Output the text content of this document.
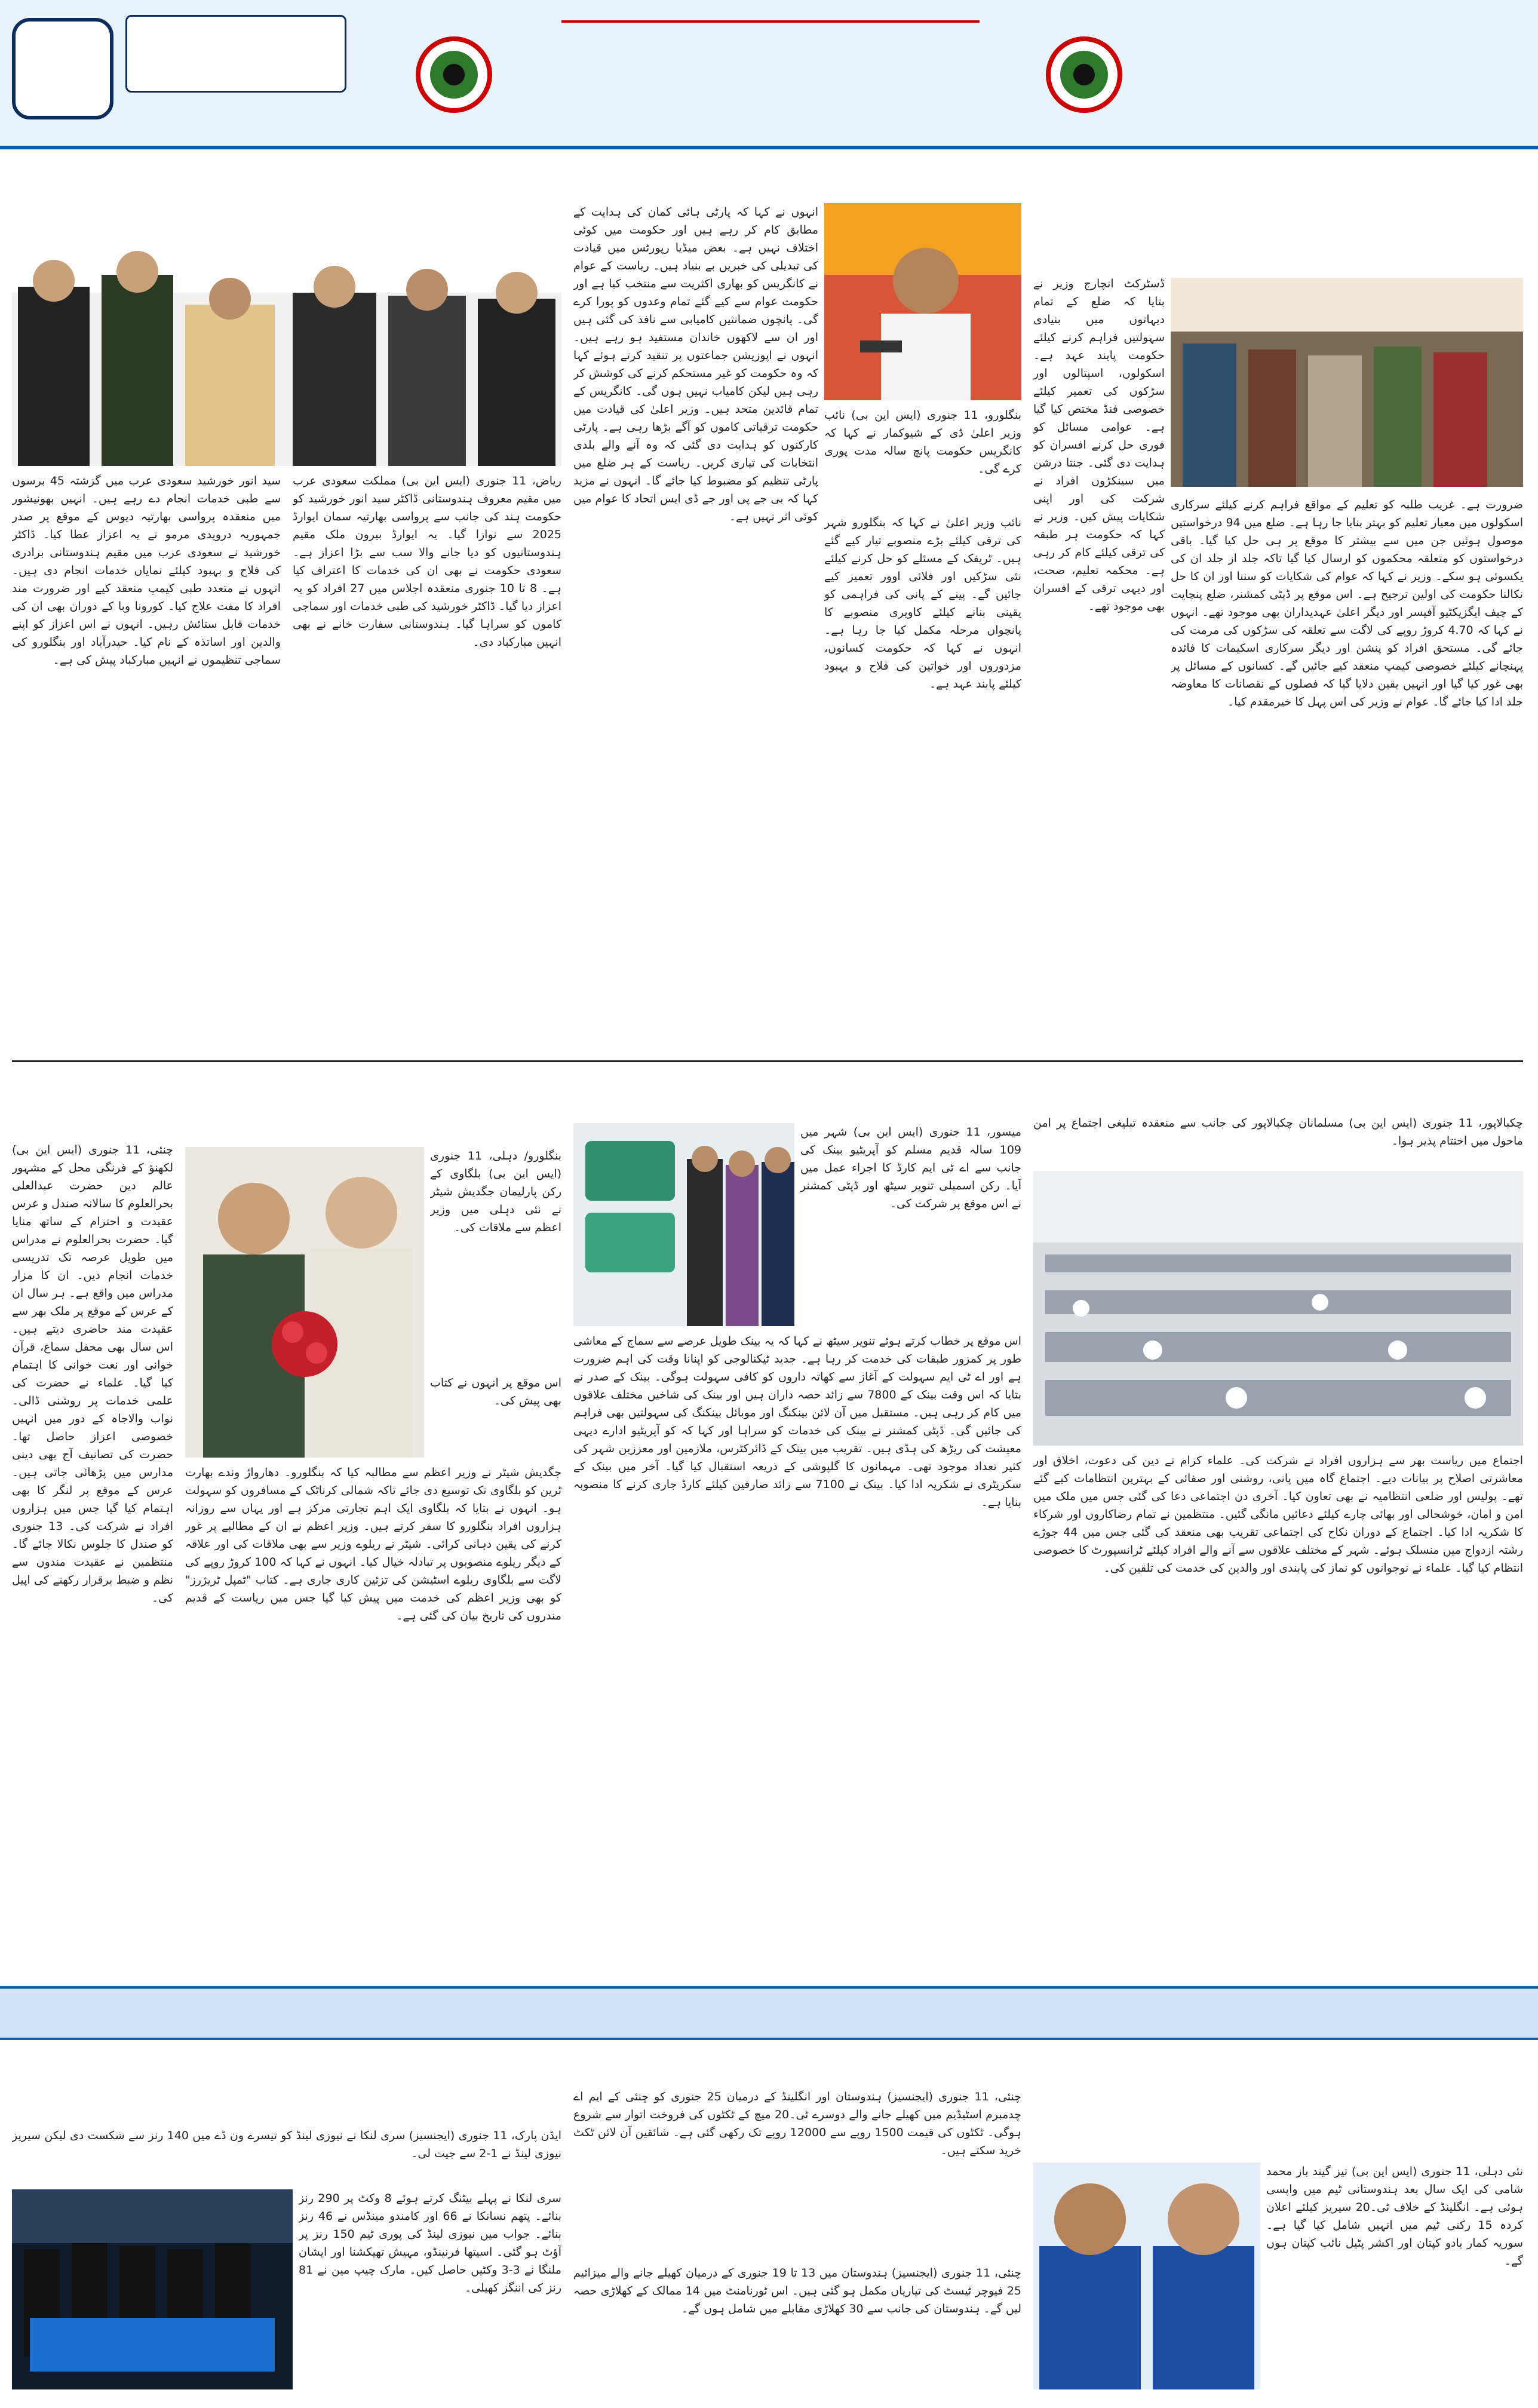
ڈسٹرکٹ انچارج وزیر نے بتایا کہ ضلع کے تمام دیہاتوں میں بنیادی سہولتیں فراہم کرنے کیلئے حکومت پابند عہد ہے۔ اسکولوں، اسپتالوں اور سڑکوں کی تعمیر کیلئے خصوصی فنڈ مختص کیا گیا ہے۔ عوامی مسائل کو فوری حل کرنے افسران کو ہدایت دی گئی۔ جنتا درشن میں سینکڑوں افراد نے شرکت کی اور اپنی شکایات پیش کیں۔ وزیر نے کہا کہ حکومت ہر طبقہ کی ترقی کیلئے کام کر رہی ہے۔ محکمہ تعلیم، صحت، اور دیہی ترقی کے افسران بھی موجود تھے۔
ضرورت ہے۔ غریب طلبہ کو تعلیم کے مواقع فراہم کرنے کیلئے سرکاری اسکولوں میں معیار تعلیم کو بہتر بنایا جا رہا ہے۔ ضلع میں 94 درخواستیں موصول ہوئیں جن میں سے بیشتر کا موقع پر ہی حل کیا گیا۔ باقی درخواستوں کو متعلقہ محکموں کو ارسال کیا گیا تاکہ جلد از جلد ان کی یکسوئی ہو سکے۔ وزیر نے کہا کہ عوام کی شکایات کو سننا اور ان کا حل نکالنا حکومت کی اولین ترجیح ہے۔ اس موقع پر ڈپٹی کمشنر، ضلع پنچایت کے چیف ایگزیکٹیو آفیسر اور دیگر اعلیٰ عہدیداران بھی موجود تھے۔ انہوں نے کہا کہ 4.70 کروڑ روپے کی لاگت سے تعلقہ کی سڑکوں کی مرمت کی جائے گی۔ مستحق افراد کو پنشن اور دیگر سرکاری اسکیمات کا فائدہ پہنچانے کیلئے خصوصی کیمپ منعقد کیے جائیں گے۔ کسانوں کے مسائل پر بھی غور کیا گیا اور انہیں یقین دلایا گیا کہ فصلوں کے نقصانات کا معاوضہ جلد ادا کیا جائے گا۔ عوام نے وزیر کی اس پہل کا خیرمقدم کیا۔
بنگلورو، 11 جنوری (ایس این بی) نائب وزیر اعلیٰ ڈی کے شیوکمار نے کہا کہ کانگریس حکومت پانچ سالہ مدت پوری کرے گی۔
انہوں نے کہا کہ پارٹی ہائی کمان کی ہدایت کے مطابق کام کر رہے ہیں اور حکومت میں کوئی اختلاف نہیں ہے۔ بعض میڈیا رپورٹس میں قیادت کی تبدیلی کی خبریں بے بنیاد ہیں۔ ریاست کے عوام نے کانگریس کو بھاری اکثریت سے منتخب کیا ہے اور حکومت عوام سے کیے گئے تمام وعدوں کو پورا کرے گی۔ پانچوں ضمانتیں کامیابی سے نافذ کی گئی ہیں اور ان سے لاکھوں خاندان مستفید ہو رہے ہیں۔ انہوں نے اپوزیشن جماعتوں پر تنقید کرتے ہوئے کہا کہ وہ حکومت کو غیر مستحکم کرنے کی کوشش کر رہی ہیں لیکن کامیاب نہیں ہوں گی۔ کانگریس کے تمام قائدین متحد ہیں۔ وزیر اعلیٰ کی قیادت میں حکومت ترقیاتی کاموں کو آگے بڑھا رہی ہے۔ پارٹی کارکنوں کو ہدایت دی گئی کہ وہ آنے والے بلدی انتخابات کی تیاری کریں۔ ریاست کے ہر ضلع میں پارٹی تنظیم کو مضبوط کیا جائے گا۔ انہوں نے مزید کہا کہ بی جے پی اور جے ڈی ایس اتحاد کا عوام میں کوئی اثر نہیں ہے۔ نائب وزیر اعلیٰ نے کہا کہ بنگلورو شہر کی ترقی کیلئے بڑے منصوبے تیار کیے گئے ہیں۔ ٹریفک کے مسئلے کو حل کرنے کیلئے نئی سڑکیں اور فلائی اوور تعمیر کیے جائیں گے۔ پینے کے پانی کی فراہمی کو یقینی بنانے کیلئے کاویری منصوبے کا پانچواں مرحلہ مکمل کیا جا رہا ہے۔ انہوں نے کہا کہ حکومت کسانوں، مزدوروں اور خواتین کی فلاح و بہبود کیلئے پابند عہد ہے۔
سید انور خورشید سعودی عرب میں گزشتہ 45 برسوں سے طبی خدمات انجام دے رہے ہیں۔ انہیں بھونیشور میں منعقدہ پرواسی بھارتیہ دیوس کے موقع پر صدر جمہوریہ دروپدی مرمو نے یہ اعزاز عطا کیا۔ ڈاکٹر خورشید نے سعودی عرب میں مقیم ہندوستانی برادری کی فلاح و بہبود کیلئے نمایاں خدمات انجام دی ہیں۔ انہوں نے متعدد طبی کیمپ منعقد کیے اور ضرورت مند افراد کا مفت علاج کیا۔ کورونا وبا کے دوران بھی ان کی خدمات قابل ستائش رہیں۔ انہوں نے اس اعزاز کو اپنے والدین اور اساتذہ کے نام کیا۔ حیدرآباد اور بنگلورو کی سماجی تنظیموں نے انہیں مبارکباد پیش کی ہے۔
ریاض، 11 جنوری (ایس این بی) مملکت سعودی عرب میں مقیم معروف ہندوستانی ڈاکٹر سید انور خورشید کو حکومت ہند کی جانب سے پرواسی بھارتیہ سمان ایوارڈ 2025 سے نوازا گیا۔ یہ ایوارڈ بیرون ملک مقیم ہندوستانیوں کو دیا جانے والا سب سے بڑا اعزاز ہے۔ سعودی حکومت نے بھی ان کی خدمات کا اعتراف کیا ہے۔ 8 تا 10 جنوری منعقدہ اجلاس میں 27 افراد کو یہ اعزاز دیا گیا۔ ڈاکٹر خورشید کی طبی خدمات اور سماجی کاموں کو سراہا گیا۔ ہندوستانی سفارت خانے نے بھی انہیں مبارکباد دی۔
چکبالاپور، 11 جنوری (ایس این بی) مسلمانان چکبالاپور کی جانب سے منعقدہ تبلیغی اجتماع پر امن ماحول میں اختتام پذیر ہوا۔
اجتماع میں ریاست بھر سے ہزاروں افراد نے شرکت کی۔ علماء کرام نے دین کی دعوت، اخلاق اور معاشرتی اصلاح پر بیانات دیے۔ اجتماع گاہ میں پانی، روشنی اور صفائی کے بہترین انتظامات کیے گئے تھے۔ پولیس اور ضلعی انتظامیہ نے بھی تعاون کیا۔ آخری دن اجتماعی دعا کی گئی جس میں ملک میں امن و امان، خوشحالی اور بھائی چارے کیلئے دعائیں مانگی گئیں۔ منتظمین نے تمام رضاکاروں اور شرکاء کا شکریہ ادا کیا۔ اجتماع کے دوران نکاح کی اجتماعی تقریب بھی منعقد کی گئی جس میں 44 جوڑے رشتہ ازدواج میں منسلک ہوئے۔ شہر کے مختلف علاقوں سے آنے والے افراد کیلئے ٹرانسپورٹ کا خصوصی انتظام کیا گیا۔ علماء نے نوجوانوں کو نماز کی پابندی اور والدین کی خدمت کی تلقین کی۔
میسور، 11 جنوری (ایس این بی) شہر میں 109 سالہ قدیم مسلم کو آپریٹیو بینک کی جانب سے اے ٹی ایم کارڈ کا اجراء عمل میں آیا۔ رکن اسمبلی تنویر سیٹھ اور ڈپٹی کمشنر نے اس موقع پر شرکت کی۔
اس موقع پر خطاب کرتے ہوئے تنویر سیٹھ نے کہا کہ یہ بینک طویل عرصے سے سماج کے معاشی طور پر کمزور طبقات کی خدمت کر رہا ہے۔ جدید ٹیکنالوجی کو اپنانا وقت کی اہم ضرورت ہے اور اے ٹی ایم سہولت کے آغاز سے کھاتہ داروں کو کافی سہولت ہوگی۔ بینک کے صدر نے بتایا کہ اس وقت بینک کے 7800 سے زائد حصہ داران ہیں اور بینک کی شاخیں مختلف علاقوں میں کام کر رہی ہیں۔ مستقبل میں آن لائن بینکنگ اور موبائل بینکنگ کی سہولتیں بھی فراہم کی جائیں گی۔ ڈپٹی کمشنر نے بینک کی خدمات کو سراہا اور کہا کہ کو آپریٹیو ادارے دیہی معیشت کی ریڑھ کی ہڈی ہیں۔ تقریب میں بینک کے ڈائرکٹرس، ملازمین اور معززین شہر کی کثیر تعداد موجود تھی۔ مہمانوں کا گلپوشی کے ذریعہ استقبال کیا گیا۔ آخر میں بینک کے سکریٹری نے شکریہ ادا کیا۔ بینک نے 7100 سے زائد صارفین کیلئے کارڈ جاری کرنے کا منصوبہ بنایا ہے۔
بنگلورو/ دہلی، 11 جنوری (ایس این بی) بلگاوی کے رکن پارلیمان جگدیش شیٹر نے نئی دہلی میں وزیر اعظم سے ملاقات کی۔
اس موقع پر انہوں نے کتاب بھی پیش کی۔
جگدیش شیٹر نے وزیر اعظم سے مطالبہ کیا کہ بنگلورو۔ دھارواڑ وندے بھارت ٹرین کو بلگاوی تک توسیع دی جائے تاکہ شمالی کرناٹک کے مسافروں کو سہولت ہو۔ انہوں نے بتایا کہ بلگاوی ایک اہم تجارتی مرکز ہے اور یہاں سے روزانہ ہزاروں افراد بنگلورو کا سفر کرتے ہیں۔ وزیر اعظم نے ان کے مطالبے پر غور کرنے کی یقین دہانی کرائی۔ شیٹر نے ریلوے وزیر سے بھی ملاقات کی اور علاقہ کے دیگر ریلوے منصوبوں پر تبادلہ خیال کیا۔ انہوں نے کہا کہ 100 کروڑ روپے کی لاگت سے بلگاوی ریلوے اسٹیشن کی تزئین کاری جاری ہے۔ کتاب "ٹمپل ٹریژرز" کو بھی وزیر اعظم کی خدمت میں پیش کیا گیا جس میں ریاست کے قدیم مندروں کی تاریخ بیان کی گئی ہے۔
چنئی، 11 جنوری (ایس این بی) لکھنؤ کے فرنگی محل کے مشہور عالم دین حضرت عبدالعلی بحرالعلوم کا سالانہ صندل و عرس عقیدت و احترام کے ساتھ منایا گیا۔ حضرت بحرالعلوم نے مدراس میں طویل عرصہ تک تدریسی خدمات انجام دیں۔ ان کا مزار مدراس میں واقع ہے۔ ہر سال ان کے عرس کے موقع پر ملک بھر سے عقیدت مند حاضری دیتے ہیں۔ اس سال بھی محفل سماع، قرآن خوانی اور نعت خوانی کا اہتمام کیا گیا۔ علماء نے حضرت کی علمی خدمات پر روشنی ڈالی۔ نواب والاجاہ کے دور میں انہیں خصوصی اعزاز حاصل تھا۔ حضرت کی تصانیف آج بھی دینی مدارس میں پڑھائی جاتی ہیں۔ عرس کے موقع پر لنگر کا بھی اہتمام کیا گیا جس میں ہزاروں افراد نے شرکت کی۔ 13 جنوری کو صندل کا جلوس نکالا جائے گا۔ منتظمین نے عقیدت مندوں سے نظم و ضبط برقرار رکھنے کی اپیل کی۔
نئی دہلی، 11 جنوری (ایس این بی) تیز گیند باز محمد شامی کی ایک سال بعد ہندوستانی ٹیم میں واپسی ہوئی ہے۔ انگلینڈ کے خلاف ٹی۔20 سیریز کیلئے اعلان کردہ 15 رکنی ٹیم میں انہیں شامل کیا گیا ہے۔ سوریہ کمار یادو کپتان اور اکشر پٹیل نائب کپتان ہوں گے۔
چنئی، 11 جنوری (ایجنسیز) ہندوستان اور انگلینڈ کے درمیان 25 جنوری کو چنئی کے ایم اے چدمبرم اسٹیڈیم میں کھیلے جانے والے دوسرے ٹی۔20 میچ کے ٹکٹوں کی فروخت اتوار سے شروع ہوگی۔ ٹکٹوں کی قیمت 1500 روپے سے 12000 روپے تک رکھی گئی ہے۔ شائقین آن لائن ٹکٹ خرید سکتے ہیں۔
چنئی، 11 جنوری (ایجنسیز) ہندوستان میں 13 تا 19 جنوری کے درمیان کھیلے جانے والے میزائیم 25 فیوچر ٹیسٹ کی تیاریاں مکمل ہو گئی ہیں۔ اس ٹورنامنٹ میں 14 ممالک کے کھلاڑی حصہ لیں گے۔ ہندوستان کی جانب سے 30 کھلاڑی مقابلے میں شامل ہوں گے۔
ایڈن پارک، 11 جنوری (ایجنسیز) سری لنکا نے نیوزی لینڈ کو تیسرے ون ڈے میں 140 رنز سے شکست دی لیکن سیریز نیوزی لینڈ نے 1-2 سے جیت لی۔
سری لنکا نے پہلے بیٹنگ کرتے ہوئے 8 وکٹ پر 290 رنز بنائے۔ پتھم نسانکا نے 66 اور کامندو مینڈس نے 46 رنز بنائے۔ جواب میں نیوزی لینڈ کی پوری ٹیم 150 رنز پر آؤٹ ہو گئی۔ اسیتھا فرنینڈو، مہیش تھیکشنا اور ایشان ملنگا نے 3-3 وکٹیں حاصل کیں۔ مارک چیپ مین نے 81 رنز کی اننگز کھیلی۔
